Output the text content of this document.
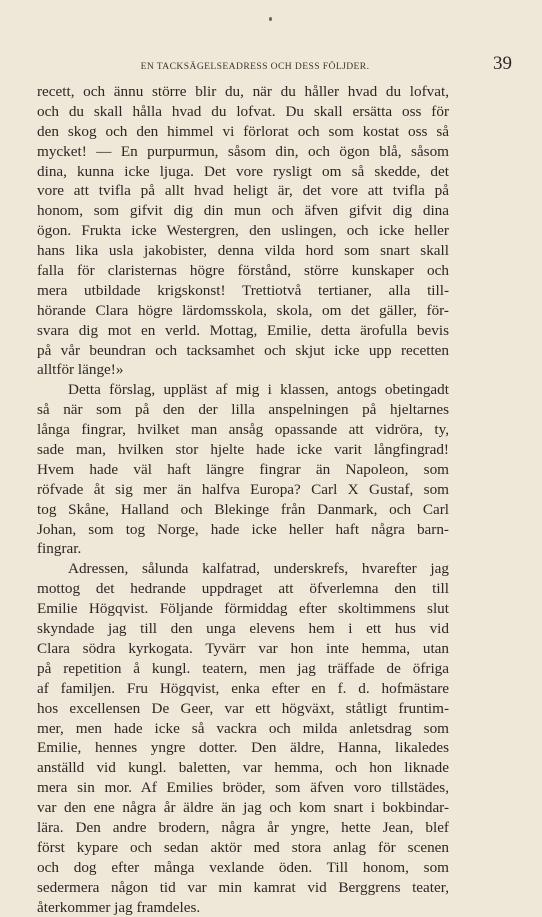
EN TACKSÄGELSEADRESS OCH DESS FÖLJDER.	39
recett, och ännu större blir du, när du håller hvad du lofvat,
och du skall hålla hvad du lofvat. Du skall ersätta oss för
den skog och den himmel vi förlorat och som kostat oss så
mycket! — En purpurmun, såsom din, och ögon blå, såsom
dina, kunna icke ljuga. Det vore rysligt om så skedde, det
vore att tvifla på allt hvad heligt är, det vore att tvifla på
honom, som gifvit dig din mun och äfven gifvit dig dina
ögon. Frukta icke Westergren, den uslingen, och icke heller
hans lika usla jakobister, denna vilda hord som snart skall
falla för claristernas högre förstånd, större kunskaper och
mera utbildade krigskonst! Trettiotvå tertianer, alla till-
hörande Clara högre lärdomsskola, skola, om det gäller, för-
svara dig mot en verld. Mottag, Emilie, detta ärofulla bevis
på vår beundran och tacksamhet och skjut icke upp recetten
alltför länge!»
Detta förslag, uppläst af mig i klassen, antogs obetingadt
så när som på den der lilla anspelningen på hjeltarnes
långa fingrar, hvilket man ansåg opassande att vidröra, ty,
sade man, hvilken stor hjelte hade icke varit långfingrad!
Hvem hade väl haft längre fingrar än Napoleon, som
röfvade åt sig mer än halfva Europa? Carl X Gustaf, som
tog Skåne, Halland och Blekinge från Danmark, och Carl
Johan, som tog Norge, hade icke heller haft några barn-
fingrar.
Adressen, sålunda kalfatrad, underskrefs, hvarefter jag
mottog det hedrande uppdraget att öfverlemna den till
Emilie Högqvist. Följande förmiddag efter skoltimmens slut
skyndade jag till den unga elevens hem i ett hus vid
Clara södra kyrkogata. Tyvärr var hon inte hemma, utan
på repetition å kungl. teatern, men jag träffade de öfriga
af familjen. Fru Högqvist, enka efter en f. d. hofmästare
hos excellensen De Geer, var ett högväxt, ståtligt fruntim-
mer, men hade icke så vackra och milda anletsdrag som
Emilie, hennes yngre dotter. Den äldre, Hanna, likaledes
anställd vid kungl. baletten, var hemma, och hon liknade
mera sin mor. Af Emilies bröder, som äfven voro tillstädes,
var den ene några år äldre än jag och kom snart i bokbindar-
lära. Den andre brodern, några år yngre, hette Jean, blef
först kypare och sedan aktör med stora anlag för scenen
och dog efter många vexlande öden. Till honom, som
sedermera någon tid var min kamrat vid Berggrens teater,
återkommer jag framdeles.
